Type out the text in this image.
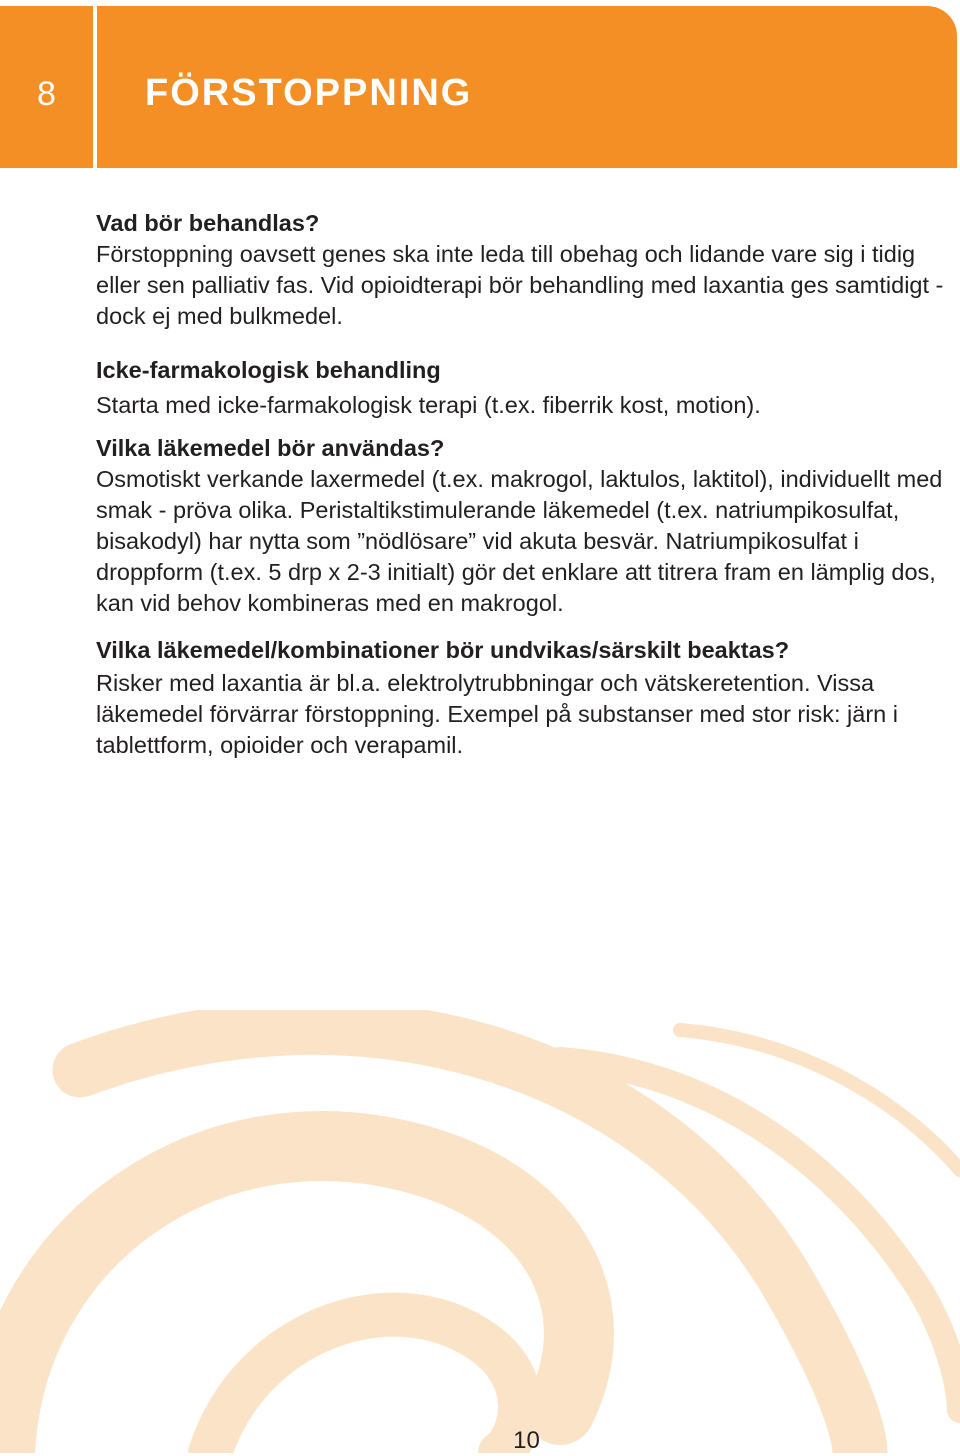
8	FÖRSTOPPNING

Vad bör behandlas?

Förstoppning oavsett genes ska inte leda till obehag och lidande vare sig i tidig eller sen palliativ fas. Vid opioidterapi bör behandling med laxantia ges samtidigt - dock ej med bulkmedel.

Icke-farmakologisk behandling

Starta med icke-farmakologisk terapi (t.ex. fiberrik kost, motion).

Vilka läkemedel bör användas?

Osmotiskt verkande laxermedel (t.ex. makrogol, laktulos, laktitol), individuellt med smak - pröva olika. Peristaltikstimulerande läkemedel (t.ex. natriumpikosulfat, bisakodyl) har nytta som ”nödlösare” vid akuta besvär. Natriumpikosulfat i droppform (t.ex. 5 drp x 2-3 initialt) gör det enklare att titrera fram en lämplig dos, kan vid behov kombineras med en makrogol.

Vilka läkemedel/kombinationer bör undvikas/särskilt beaktas?

Risker med laxantia är bl.a. elektrolytrubbningar och vätskeretention. Vissa läkemedel förvärrar förstoppning. Exempel på substanser med stor risk: järn i tablettform, opioider och verapamil.

10
